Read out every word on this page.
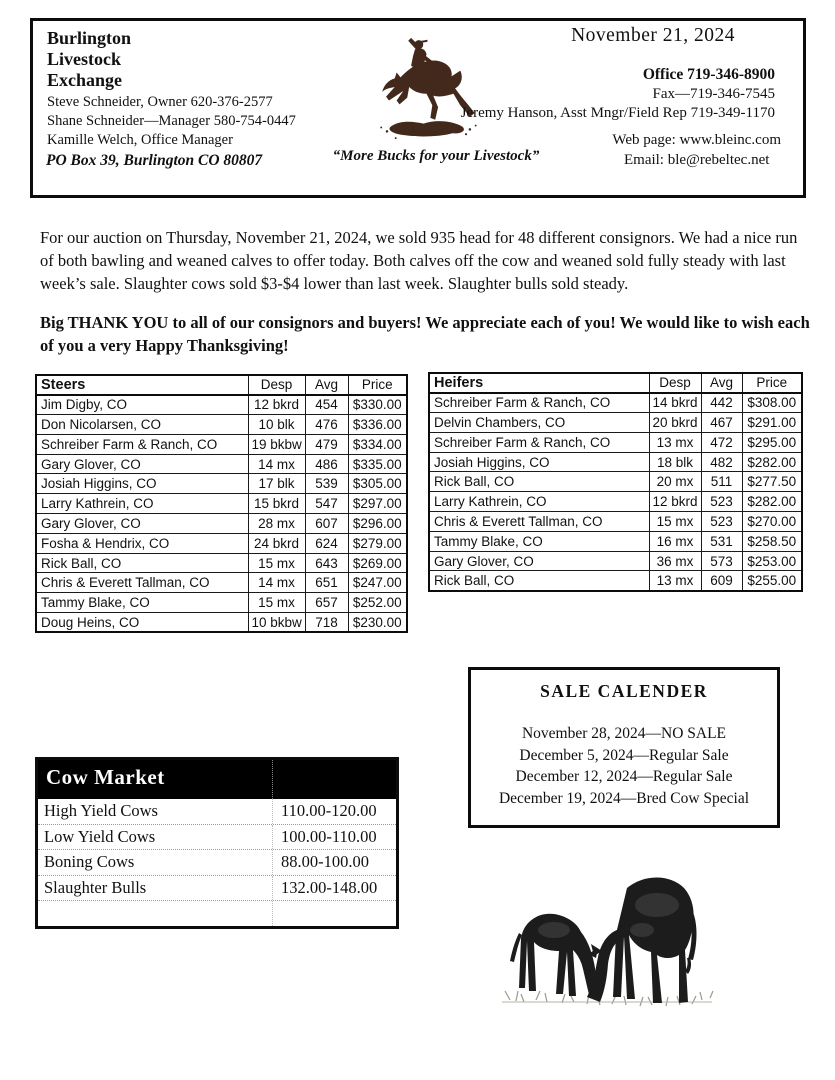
Burlington
Livestock
Exchange
Steve Schneider, Owner 620-376-2577
Shane Schneider—Manager 580-754-0447
Kamille Welch, Office Manager
PO Box 39, Burlington CO 80807	“More Bucks for your Livestock”
November 21, 2024
Office 719-346-8900
Fax—719-346-7545
Jeremy Hanson, Asst Mngr/Field Rep 719-349-1170
Web page: www.bleinc.com
Email: ble@rebeltec.net

For our auction on Thursday, November 21, 2024, we sold 935 head for 48 different consignors. We had a nice run of both bawling and weaned calves to offer today. Both calves off the cow and weaned sold fully steady with last week’s sale. Slaughter cows sold $3-$4 lower than last week. Slaughter bulls sold steady.

Big THANK YOU to all of our consignors and buyers! We appreciate each of you! We would like to wish each of you a very Happy Thanksgiving!

Steers	Desp	Avg	Price
Jim Digby, CO	12 bkrd	454	$330.00
Don Nicolarsen, CO	10 blk	476	$336.00
Schreiber Farm & Ranch, CO	19 bkbw	479	$334.00
Gary Glover, CO	14 mx	486	$335.00
Josiah Higgins, CO	17 blk	539	$305.00
Larry Kathrein, CO	15 bkrd	547	$297.00
Gary Glover, CO	28 mx	607	$296.00
Fosha & Hendrix, CO	24 bkrd	624	$279.00
Rick Ball, CO	15 mx	643	$269.00
Chris & Everett Tallman, CO	14 mx	651	$247.00
Tammy Blake, CO	15 mx	657	$252.00
Doug Heins, CO	10 bkbw	718	$230.00
Heifers	Desp	Avg	Price
Schreiber Farm & Ranch, CO	14 bkrd	442	$308.00
Delvin Chambers, CO	20 bkrd	467	$291.00
Schreiber Farm & Ranch, CO	13 mx	472	$295.00
Josiah Higgins, CO	18 blk	482	$282.00
Rick Ball, CO	20 mx	511	$277.50
Larry Kathrein, CO	12 bkrd	523	$282.00
Chris & Everett Tallman, CO	15 mx	523	$270.00
Tammy Blake, CO	16 mx	531	$258.50
Gary Glover, CO	36 mx	573	$253.00
Rick Ball, CO	13 mx	609	$255.00
SALE CALENDER
November 28, 2024—NO SALE
December 5, 2024—Regular Sale
December 12, 2024—Regular Sale
December 19, 2024—Bred Cow Special
Cow Market
High Yield Cows	110.00-120.00
Low Yield Cows	100.00-110.00
Boning Cows	88.00-100.00
Slaughter Bulls	132.00-148.00
